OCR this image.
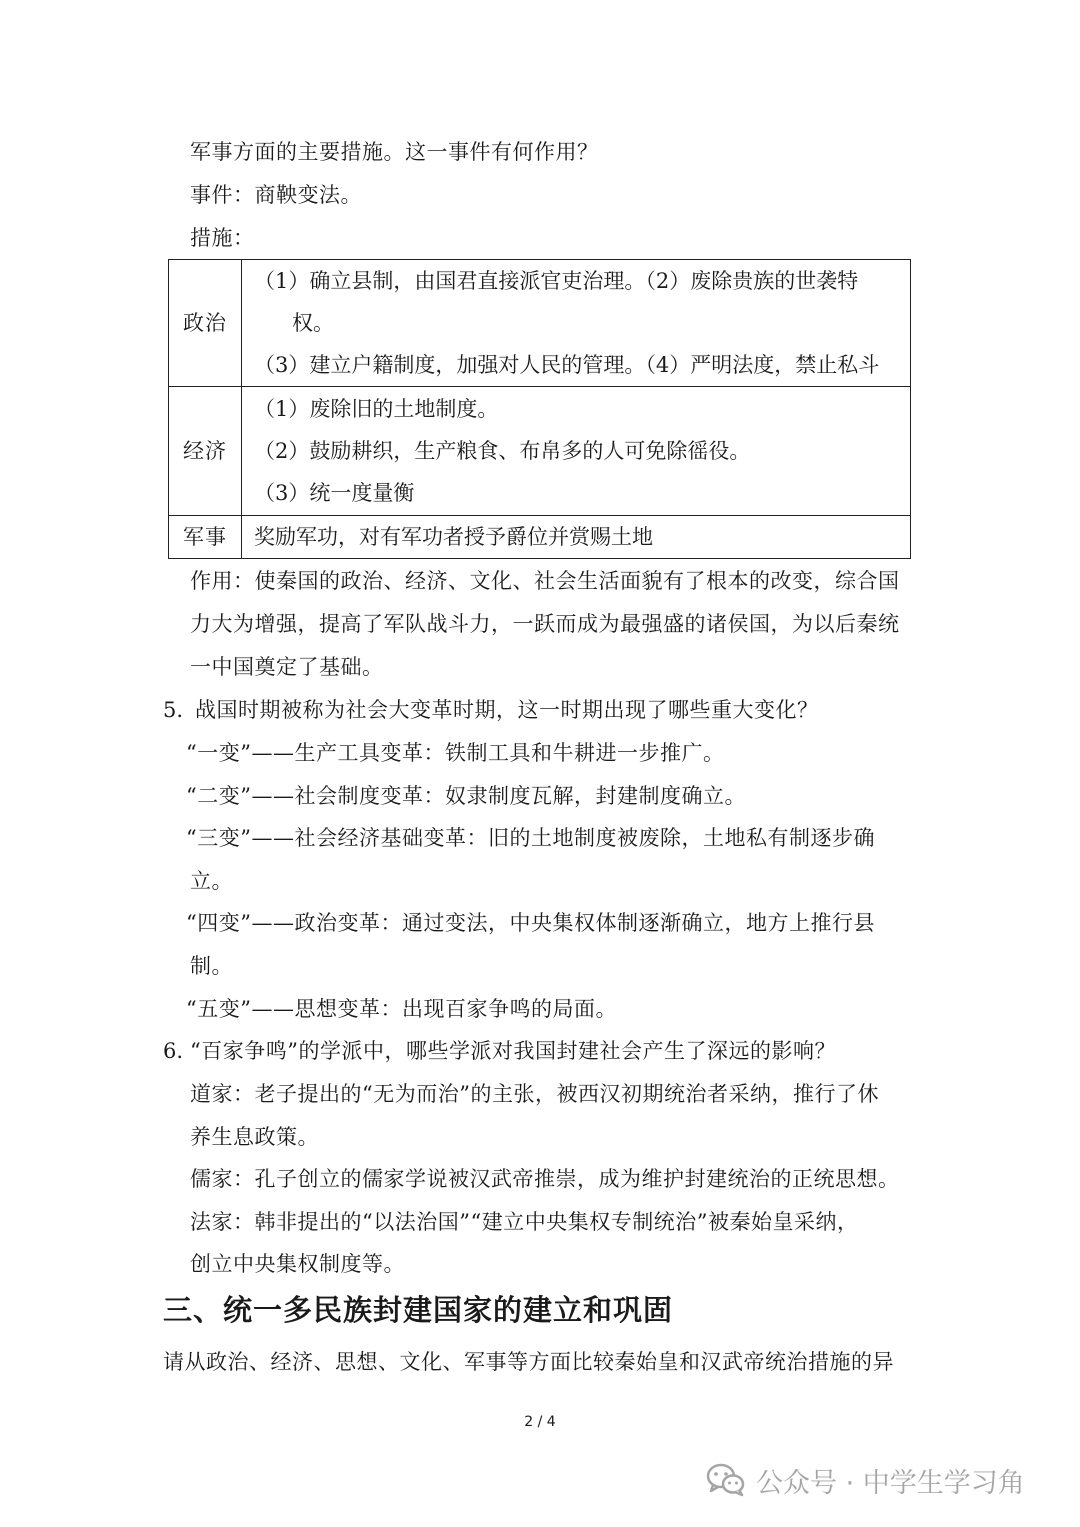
军事方面的主要措施。这一事件有何作用？
事件：商鞅变法。
措施：
政治	（1）确立县制，由国君直接派官吏治理。（2）废除贵族的世袭特
权。
（3）建立户籍制度，加强对人民的管理。（4）严明法度，禁止私斗

经济	（1）废除旧的土地制度。
（2）鼓励耕织，生产粮食、布帛多的人可免除徭役。
（3）统一度量衡

军事	奖励军功，对有军功者授予爵位并赏赐土地
作用：使秦国的政治、经济、文化、社会生活面貌有了根本的改变，综合国
力大为增强，提高了军队战斗力，一跃而成为最强盛的诸侯国，为以后秦统
一中国奠定了基础。
5. 战国时期被称为社会大变革时期，这一时期出现了哪些重大变化？
“一变”——生产工具变革：铁制工具和牛耕进一步推广。
“二变”——社会制度变革：奴隶制度瓦解，封建制度确立。
“三变”——社会经济基础变革：旧的土地制度被废除，土地私有制逐步确
立。
“四变”——政治变革：通过变法，中央集权体制逐渐确立，地方上推行县
制。
“五变”——思想变革：出现百家争鸣的局面。
6. “百家争鸣”的学派中，哪些学派对我国封建社会产生了深远的影响？
道家：老子提出的“无为而治”的主张，被西汉初期统治者采纳，推行了休
养生息政策。
儒家：孔子创立的儒家学说被汉武帝推崇，成为维护封建统治的正统思想。
法家：韩非提出的“以法治国”“建立中央集权专制统治”被秦始皇采纳，
创立中央集权制度等。
三、统一多民族封建国家的建立和巩固
请从政治、经济、思想、文化、军事等方面比较秦始皇和汉武帝统治措施的异
2 / 4
公众号 · 中学生学习角
